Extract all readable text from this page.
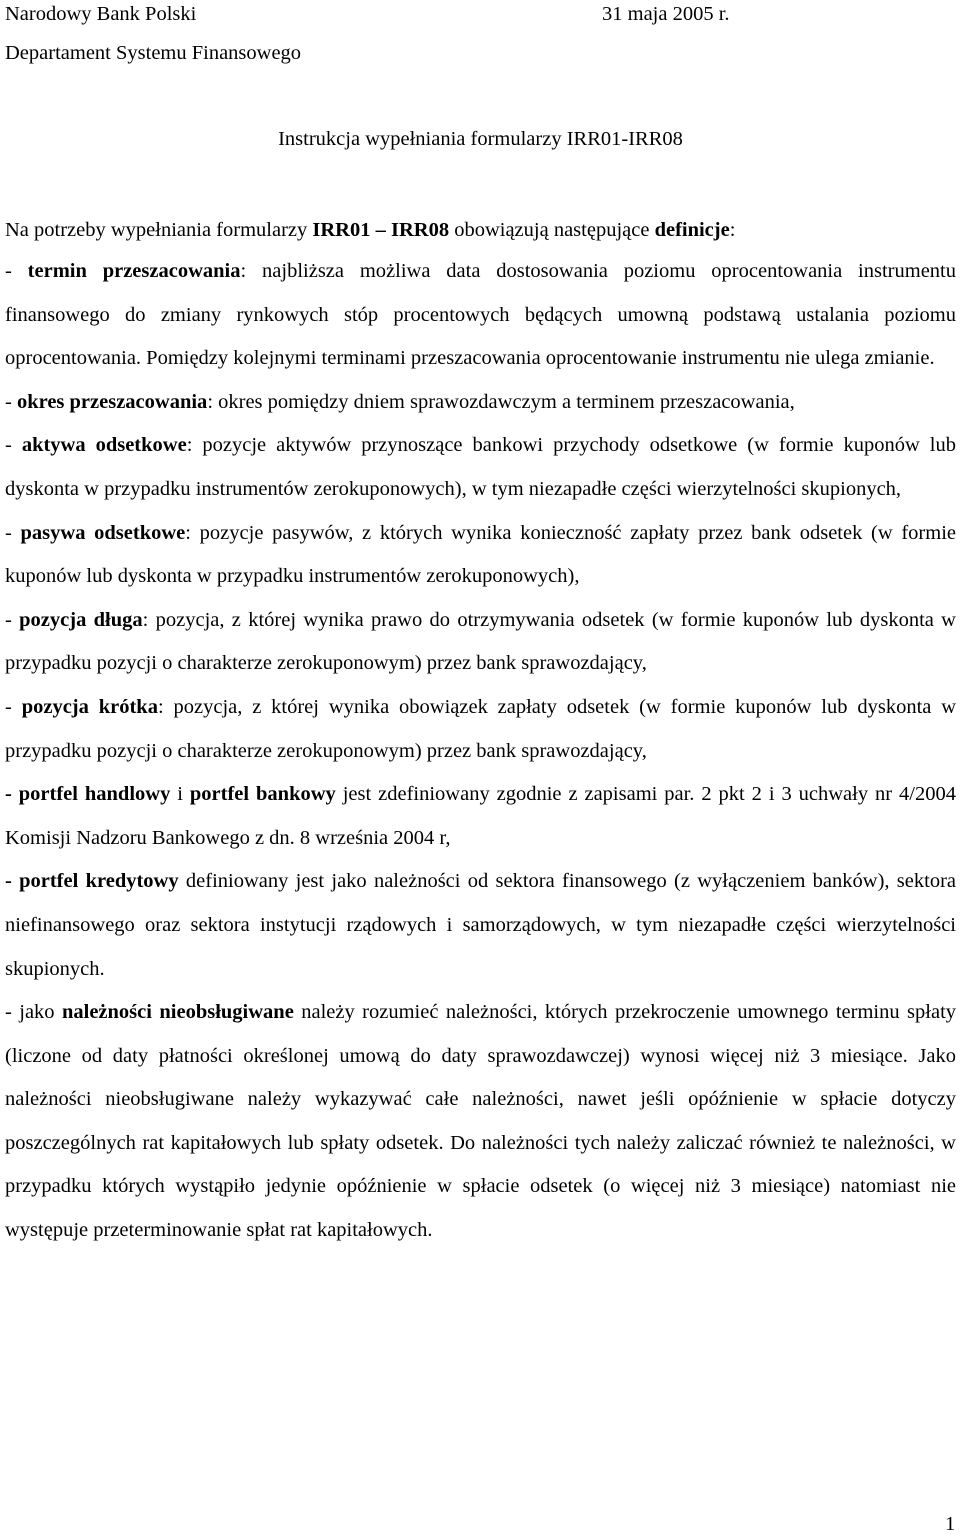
Narodowy Bank Polski	31 maja 2005 r.
Departament Systemu Finansowego
Instrukcja wypełniania formularzy IRR01-IRR08
Na potrzeby wypełniania formularzy IRR01 – IRR08 obowiązują następujące definicje:

- termin przeszacowania: najbliższa możliwa data dostosowania poziomu oprocentowania instrumentu finansowego do zmiany rynkowych stóp procentowych będących umowną podstawą ustalania poziomu oprocentowania. Pomiędzy kolejnymi terminami przeszacowania oprocentowanie instrumentu nie ulega zmianie.

- okres przeszacowania: okres pomiędzy dniem sprawozdawczym a terminem przeszacowania,

- aktywa odsetkowe: pozycje aktywów przynoszące bankowi przychody odsetkowe (w formie kuponów lub dyskonta w przypadku instrumentów zerokuponowych), w tym niezapadłe części wierzytelności skupionych,

- pasywa odsetkowe: pozycje pasywów, z których wynika konieczność zapłaty przez bank odsetek (w formie kuponów lub dyskonta w przypadku instrumentów zerokuponowych),

- pozycja długa: pozycja, z której wynika prawo do otrzymywania odsetek (w formie kuponów lub dyskonta w przypadku pozycji o charakterze zerokuponowym) przez bank sprawozdający,

- pozycja krótka: pozycja, z której wynika obowiązek zapłaty odsetek (w formie kuponów lub dyskonta w przypadku pozycji o charakterze zerokuponowym) przez bank sprawozdający,

- portfel handlowy i portfel bankowy jest zdefiniowany zgodnie z zapisami par. 2 pkt 2 i 3 uchwały nr 4/2004 Komisji Nadzoru Bankowego z dn. 8 września 2004 r,

- portfel kredytowy definiowany jest jako należności od sektora finansowego (z wyłączeniem banków), sektora niefinansowego oraz sektora instytucji rządowych i samorządowych, w tym niezapadłe części wierzytelności skupionych.

- jako należności nieobsługiwane należy rozumieć należności, których przekroczenie umownego terminu spłaty (liczone od daty płatności określonej umową do daty sprawozdawczej) wynosi więcej niż 3 miesiące. Jako należności nieobsługiwane należy wykazywać całe należności, nawet jeśli opóźnienie w spłacie dotyczy poszczególnych rat kapitałowych lub spłaty odsetek. Do należności tych należy zaliczać również te należności, w przypadku których wystąpiło jedynie opóźnienie w spłacie odsetek (o więcej niż 3 miesiące) natomiast nie występuje przeterminowanie spłat rat kapitałowych.

1
